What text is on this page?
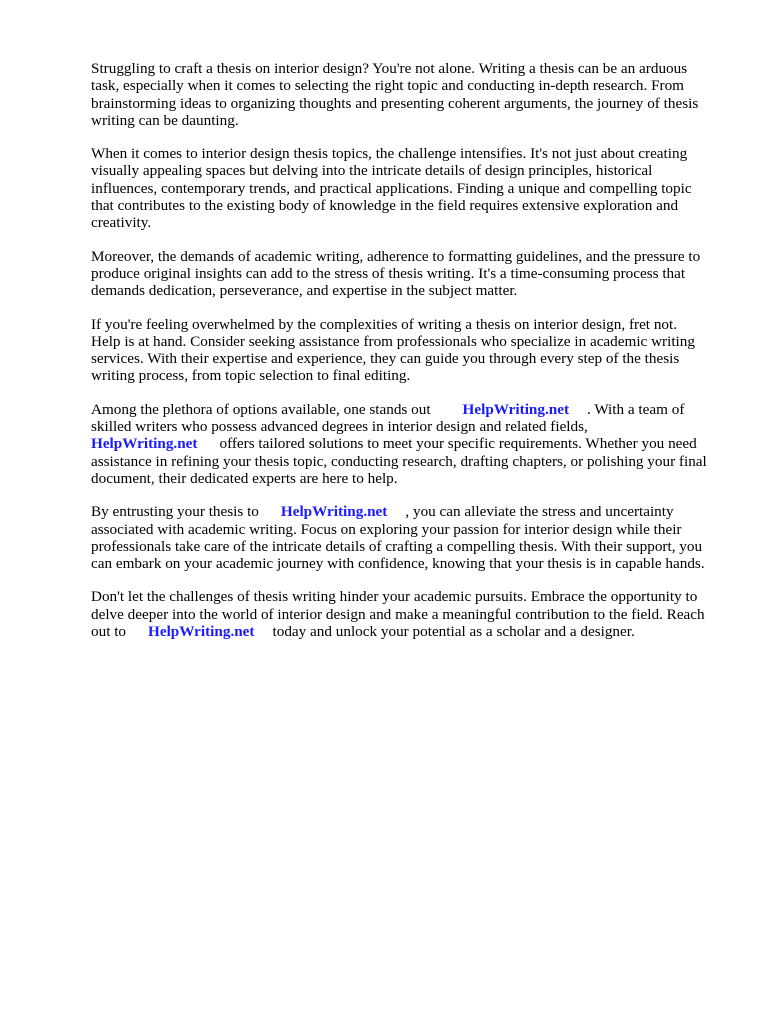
Struggling to craft a thesis on interior design? You're not alone. Writing a thesis can be an arduous
task, especially when it comes to selecting the right topic and conducting in-depth research. From
brainstorming ideas to organizing thoughts and presenting coherent arguments, the journey of thesis
writing can be daunting.

When it comes to interior design thesis topics, the challenge intensifies. It's not just about creating
visually appealing spaces but delving into the intricate details of design principles, historical
influences, contemporary trends, and practical applications. Finding a unique and compelling topic
that contributes to the existing body of knowledge in the field requires extensive exploration and
creativity.

Moreover, the demands of academic writing, adherence to formatting guidelines, and the pressure to
produce original insights can add to the stress of thesis writing. It's a time-consuming process that
demands dedication, perseverance, and expertise in the subject matter.

If you're feeling overwhelmed by the complexities of writing a thesis on interior design, fret not.
Help is at hand. Consider seeking assistance from professionals who specialize in academic writing
services. With their expertise and experience, they can guide you through every step of the thesis
writing process, from topic selection to final editing.

Among the plethora of options available, one stands out HelpWriting.net . With a team of
skilled writers who possess advanced degrees in interior design and related fields,
HelpWriting.net offers tailored solutions to meet your specific requirements. Whether you need
assistance in refining your thesis topic, conducting research, drafting chapters, or polishing your final
document, their dedicated experts are here to help.

By entrusting your thesis to HelpWriting.net , you can alleviate the stress and uncertainty
associated with academic writing. Focus on exploring your passion for interior design while their
professionals take care of the intricate details of crafting a compelling thesis. With their support, you
can embark on your academic journey with confidence, knowing that your thesis is in capable hands.

Don't let the challenges of thesis writing hinder your academic pursuits. Embrace the opportunity to
delve deeper into the world of interior design and make a meaningful contribution to the field. Reach
out to HelpWriting.net today and unlock your potential as a scholar and a designer.
